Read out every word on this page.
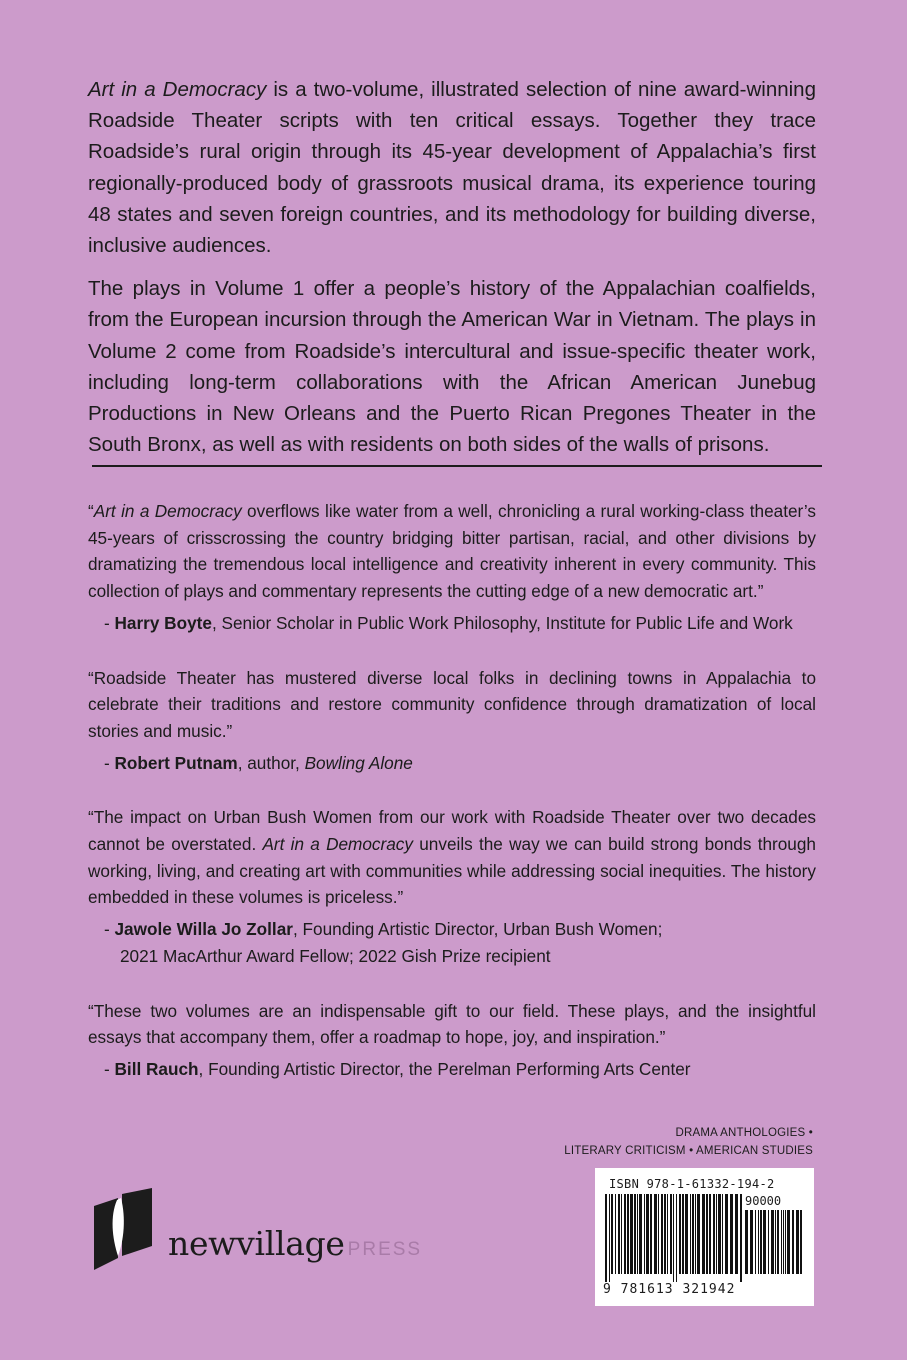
Art in a Democracy is a two-volume, illustrated selection of nine award-winning Roadside Theater scripts with ten critical essays. Together they trace Roadside’s rural origin through its 45-year development of Appalachia’s first regionally-produced body of grassroots musical drama, its experience touring 48 states and seven foreign countries, and its methodology for building diverse, inclusive audiences.

The plays in Volume 1 offer a people’s history of the Appalachian coalfields, from the European incursion through the American War in Vietnam. The plays in Volume 2 come from Roadside’s intercultural and issue-specific theater work, including long-term collaborations with the African American Junebug Productions in New Orleans and the Puerto Rican Pregones Theater in the South Bronx, as well as with residents on both sides of the walls of prisons.

“Art in a Democracy overflows like water from a well, chronicling a rural working-class theater’s 45-years of crisscrossing the country bridging bitter partisan, racial, and other divisions by dramatizing the tremendous local intelligence and creativity inherent in every community. This collection of plays and commentary represents the cutting edge of a new democratic art.”

- Harry Boyte, Senior Scholar in Public Work Philosophy, Institute for Public Life and Work

“Roadside Theater has mustered diverse local folks in declining towns in Appalachia to celebrate their traditions and restore community confidence through dramatization of local stories and music.”

- Robert Putnam, author, Bowling Alone

“The impact on Urban Bush Women from our work with Roadside Theater over two decades cannot be overstated. Art in a Democracy unveils the way we can build strong bonds through working, living, and creating art with communities while addressing social inequities. The history embedded in these volumes is priceless.”

- Jawole Willa Jo Zollar, Founding Artistic Director, Urban Bush Women;
2021 MacArthur Award Fellow; 2022 Gish Prize recipient

“These two volumes are an indispensable gift to our field. These plays, and the insightful essays that accompany them, offer a roadmap to hope, joy, and inspiration.”

- Bill Rauch, Founding Artistic Director, the Perelman Performing Arts Center

DRAMA ANTHOLOGIES •
LITERARY CRITICISM • AMERICAN STUDIES
newvillage PRESS
ISBN 978-1-61332-194-2
90000
9 781613 321942
